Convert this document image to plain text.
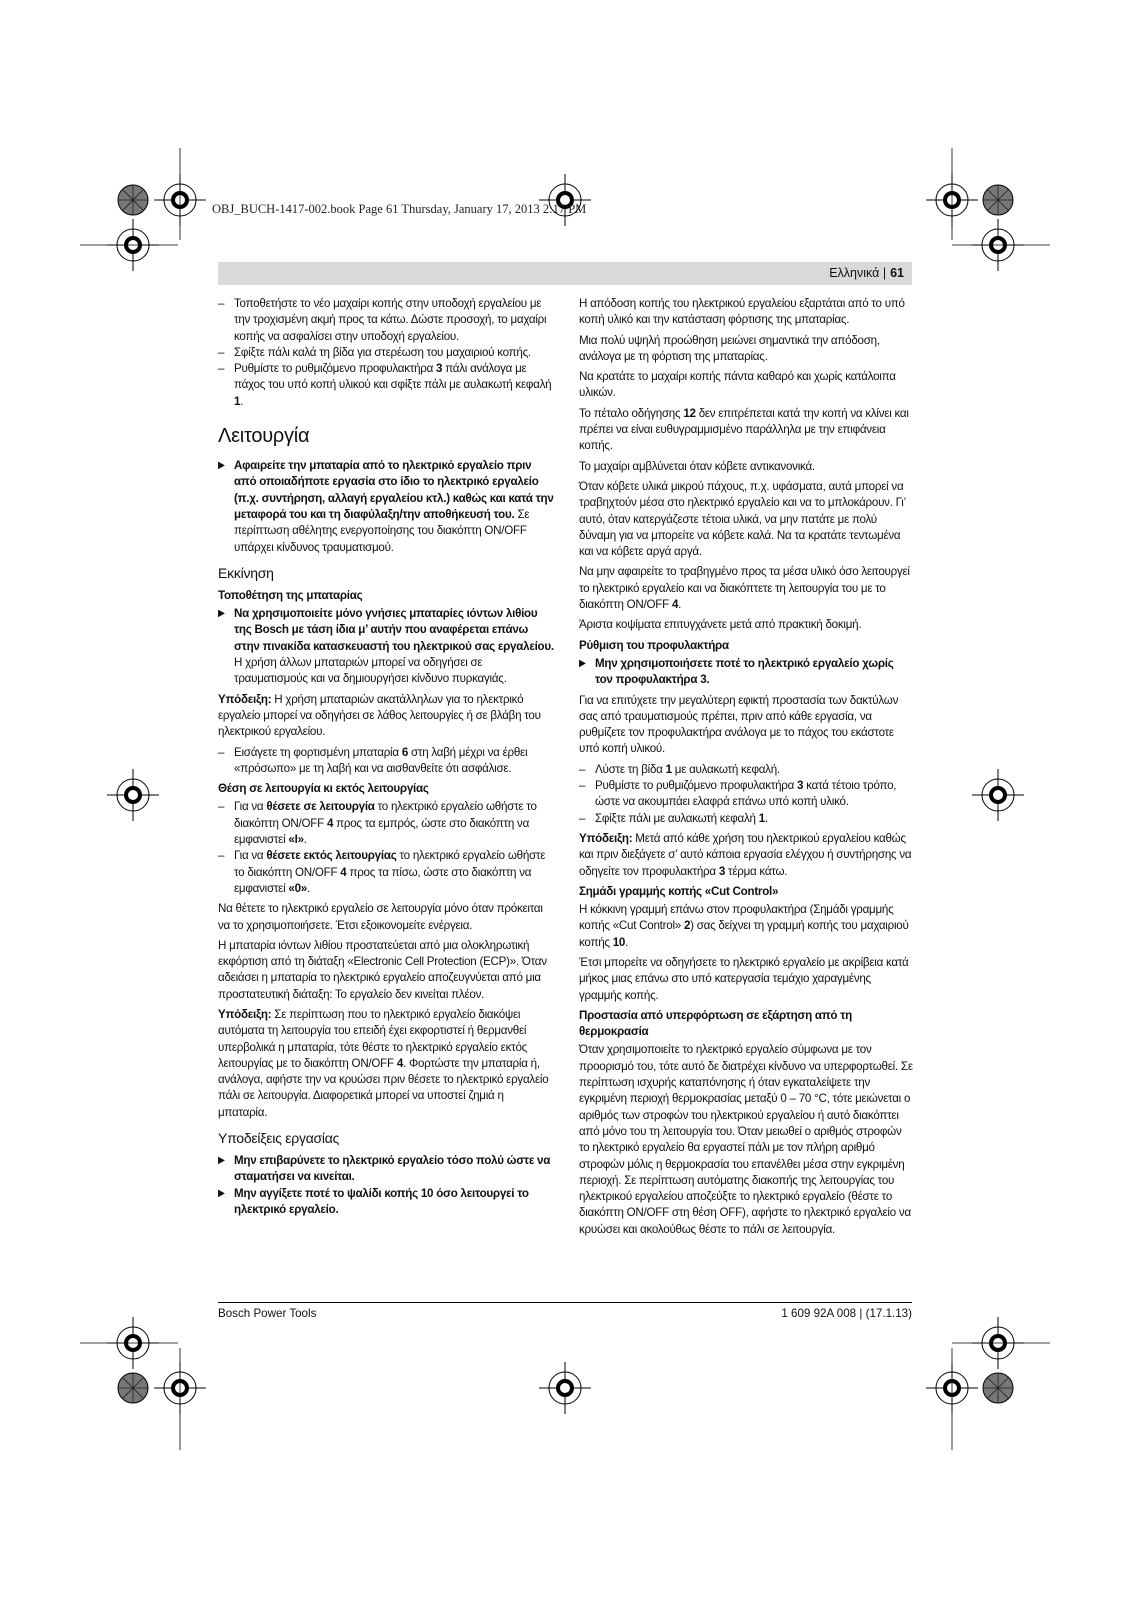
OBJ_BUCH-1417-002.book Page 61 Thursday, January 17, 2013 2:17 PM
Ελληνικά | 61
– Τοποθετήστε το νέο μαχαίρι κοπής στην υποδοχή εργαλείου με την τροχισμένη ακμή προς τα κάτω. Δώστε προσοχή, το μαχαίρι κοπής να ασφαλίσει στην υποδοχή εργαλείου.
– Σφίξτε πάλι καλά τη βίδα για στερέωση του μαχαιριού κοπής.
– Ρυθμίστε το ρυθμιζόμενο προφυλακτήρα 3 πάλι ανάλογα με πάχος του υπό κοπή υλικού και σφίξτε πάλι με αυλακωτή κεφαλή 1.
Λειτουργία
▶ Αφαιρείτε την μπαταρία από το ηλεκτρικό εργαλείο πριν από οποιαδήποτε εργασία στο ίδιο το ηλεκτρικό εργαλείο (π.χ. συντήρηση, αλλαγή εργαλείου κτλ.) καθώς και κατά την μεταφορά του και τη διαφύλαξη/την αποθήκευσή του. Σε περίπτωση αθέλητης ενεργοποίησης του διακόπτη ON/OFF υπάρχει κίνδυνος τραυματισμού.
Εκκίνηση
Τοποθέτηση της μπαταρίας
▶ Να χρησιμοποιείτε μόνο γνήσιες μπαταρίες ιόντων λιθίου της Bosch με τάση ίδια μ’ αυτήν που αναφέρεται επάνω στην πινακίδα κατασκευαστή του ηλεκτρικού σας εργαλείου. Η χρήση άλλων μπαταριών μπορεί να οδηγήσει σε τραυματισμούς και να δημιουργήσει κίνδυνο πυρκαγιάς.

Υπόδειξη: Η χρήση μπαταριών ακατάλληλων για το ηλεκτρικό εργαλείο μπορεί να οδηγήσει σε λάθος λειτουργίες ή σε βλάβη του ηλεκτρικού εργαλείου.

– Εισάγετε τη φορτισμένη μπαταρία 6 στη λαβή μέχρι να έρθει «πρόσωπο» με τη λαβή και να αισθανθείτε ότι ασφάλισε.
Θέση σε λειτουργία κι εκτός λειτουργίας
– Για να θέσετε σε λειτουργία το ηλεκτρικό εργαλείο ωθήστε το διακόπτη ON/OFF 4 προς τα εμπρός, ώστε στο διακόπτη να εμφανιστεί «I».
– Για να θέσετε εκτός λειτουργίας το ηλεκτρικό εργαλείο ωθήστε το διακόπτη ON/OFF 4 προς τα πίσω, ώστε στο διακόπτη να εμφανιστεί «0».

Να θέτετε το ηλεκτρικό εργαλείο σε λειτουργία μόνο όταν πρόκειται να το χρησιμοποιήσετε. Έτσι εξοικονομείτε ενέργεια.

Η μπαταρία ιόντων λιθίου προστατεύεται από μια ολοκληρωτική εκφόρτιση από τη διάταξη «Electronic Cell Protection (ECP)». Όταν αδειάσει η μπαταρία το ηλεκτρικό εργαλείο αποζευγνύεται από μια προστατευτική διάταξη: Το εργαλείο δεν κινείται πλέον.

Υπόδειξη: Σε περίπτωση που το ηλεκτρικό εργαλείο διακόψει αυτόματα τη λειτουργία του επειδή έχει εκφορτιστεί ή θερμανθεί υπερβολικά η μπαταρία, τότε θέστε το ηλεκτρικό εργαλείο εκτός λειτουργίας με το διακόπτη ON/OFF 4. Φορτώστε την μπαταρία ή, ανάλογα, αφήστε την να κρυώσει πριν θέσετε το ηλεκτρικό εργαλείο πάλι σε λειτουργία. Διαφορετικά μπορεί να υποστεί ζημιά η μπαταρία.

Υποδείξεις εργασίας
▶ Μην επιβαρύνετε το ηλεκτρικό εργαλείο τόσο πολύ ώστε να σταματήσει να κινείται.
▶ Μην αγγίξετε ποτέ το ψαλίδι κοπής 10 όσο λειτουργεί το ηλεκτρικό εργαλείο.

Η απόδοση κοπής του ηλεκτρικού εργαλείου εξαρτάται από το υπό κοπή υλικό και την κατάσταση φόρτισης της μπαταρίας.

Μια πολύ υψηλή προώθηση μειώνει σημαντικά την απόδοση, ανάλογα με τη φόρτιση της μπαταρίας.

Να κρατάτε το μαχαίρι κοπής πάντα καθαρό και χωρίς κατάλοιπα υλικών.

Το πέταλο οδήγησης 12 δεν επιτρέπεται κατά την κοπή να κλίνει και πρέπει να είναι ευθυγραμμισμένο παράλληλα με την επιφάνεια κοπής.

Το μαχαίρι αμβλύνεται όταν κόβετε αντικανονικά.

Όταν κόβετε υλικά μικρού πάχους, π.χ. υφάσματα, αυτά μπορεί να τραβηχτούν μέσα στο ηλεκτρικό εργαλείο και να το μπλοκάρουν. Γι’ αυτό, όταν κατεργάζεστε τέτοια υλικά, να μην πατάτε με πολύ δύναμη για να μπορείτε να κόβετε καλά. Να τα κρατάτε τεντωμένα και να κόβετε αργά αργά.

Να μην αφαιρείτε το τραβηγμένο προς τα μέσα υλικό όσο λειτουργεί το ηλεκτρικό εργαλείο και να διακόπτετε τη λειτουργία του με το διακόπτη ON/OFF 4.

Άριστα κοψίματα επιτυγχάνετε μετά από πρακτική δοκιμή.

Ρύθμιση του προφυλακτήρα
▶ Μην χρησιμοποιήσετε ποτέ το ηλεκτρικό εργαλείο χωρίς τον προφυλακτήρα 3.

Για να επιτύχετε την μεγαλύτερη εφικτή προστασία των δακτύλων σας από τραυματισμούς πρέπει, πριν από κάθε εργασία, να ρυθμίζετε τον προφυλακτήρα ανάλογα με το πάχος του εκάστοτε υπό κοπή υλικού.

– Λύστε τη βίδα 1 με αυλακωτή κεφαλή.
– Ρυθμίστε το ρυθμιζόμενο προφυλακτήρα 3 κατά τέτοιο τρόπο, ώστε να ακουμπάει ελαφρά επάνω υπό κοπή υλικό.
– Σφίξτε πάλι με αυλακωτή κεφαλή 1.

Υπόδειξη: Μετά από κάθε χρήση του ηλεκτρικού εργαλείου καθώς και πριν διεξάγετε σ’ αυτό κάποια εργασία ελέγχου ή συντήρησης να οδηγείτε τον προφυλακτήρα 3 τέρμα κάτω.

Σημάδι γραμμής κοπής «Cut Control»

Η κόκκινη γραμμή επάνω στον προφυλακτήρα (Σημάδι γραμμής κοπής «Cut Control» 2) σας δείχνει τη γραμμή κοπής του μαχαιριού κοπής 10.

Έτσι μπορείτε να οδηγήσετε το ηλεκτρικό εργαλείο με ακρίβεια κατά μήκος μιας επάνω στο υπό κατεργασία τεμάχιο χαραγμένης γραμμής κοπής.

Προστασία από υπερφόρτωση σε εξάρτηση από τη θερμοκρασία

Όταν χρησιμοποιείτε το ηλεκτρικό εργαλείο σύμφωνα με τον προορισμό του, τότε αυτό δε διατρέχει κίνδυνο να υπερφορτωθεί. Σε περίπτωση ισχυρής καταπόνησης ή όταν εγκαταλείψετε την εγκριμένη περιοχή θερμοκρασίας μεταξύ 0 – 70 °C, τότε μειώνεται ο αριθμός των στροφών του ηλεκτρικού εργαλείου ή αυτό διακόπτει από μόνο του τη λειτουργία του. Όταν μειωθεί ο αριθμός στροφών το ηλεκτρικό εργαλείο θα εργαστεί πάλι με τον πλήρη αριθμό στροφών μόλις η θερμοκρασία του επανέλθει μέσα στην εγκριμένη περιοχή. Σε περίπτωση αυτόματης διακοπής της λειτουργίας του ηλεκτρικού εργαλείου αποζεύξτε το ηλεκτρικό εργαλείο (θέστε το διακόπτη ON/OFF στη θέση OFF), αφήστε το ηλεκτρικό εργαλείο να κρυώσει και ακολούθως θέστε το πάλι σε λειτουργία.

Bosch Power Tools	1 609 92A 008 | (17.1.13)
